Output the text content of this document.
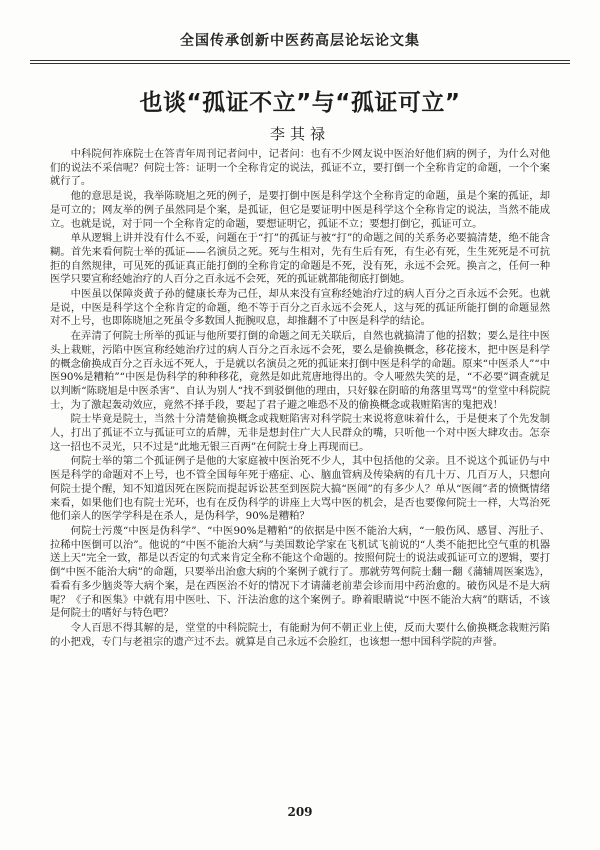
全国传承创新中医药高层论坛论文集
也谈“孤证不立”与“孤证可立”
李其禄

中科院何祚庥院士在答青年周刊记者问中，记者问：也有不少网友说中医治好他们病的例子，为什么对他们的说法不采信呢？何院士答：证明一个全称肯定的说法，孤证不立，要打倒一个全称肯定的命题，一个个案就行了。

他的意思是说，我举陈晓旭之死的例子，是要打倒中医是科学这个全称肯定的命题，虽是个案的孤证，却是可立的；网友举的例子虽然同是个案，是孤证，但它是要证明中医是科学这个全称肯定的说法，当然不能成立。也就是说，对于同一个全称肯定的命题，要想证明它，孤证不立；要想打倒它，孤证可立。

单从逻辑上讲并没有什么不妥，问题在于“打”的孤证与被“打”的命题之间的关系务必要搞清楚，绝不能含糊。首先来看何院士举的孤证——名演员之死。死与生相对，先有生后有死，有生必有死，生生死死是不可抗拒的自然规律，可见死的孤证真正能打倒的全称肯定的命题是不死，没有死，永远不会死。换言之，任何一种医学只要宣称经她治疗的人百分之百永远不会死，死的孤证就都能彻底打倒她。

中医虽以保障炎黄子孙的健康长寿为己任，却从来没有宣称经她治疗过的病人百分之百永远不会死。也就是说，中医是科学这个全称肯定的命题，绝不等于百分之百永远不会死人，这与死的孤证所能打倒的命题显然对不上号，也即陈晓旭之死虽令多数国人扼腕叹息，却推翻不了中医是科学的结论。

在弄清了何院士所举的孤证与他所要打倒的命题之间无关联后，自然也就搞清了他的招数；要么是往中医头上栽赃，污陷中医宣称经她治疗过的病人百分之百永远不会死，要么是偷换概念，移花接木，把中医是科学的概念偷换成百分之百永远不死人，于是就以名演员之死的孤证来打倒中医是科学的命题。原来“中医杀人”“中医90%是糟粕”“中医是伪科学的种种移花，竟然是如此荒唐地得出的。令人哑然失笑的是，“不必要”调查就足以判断“陈晓旭是中医杀害”、自认为别人“找不到驳倒他的理由，只好躲在阴暗的角落里骂骂”的堂堂中科院院士，为了激起轰动效应，竟然不择手段，要起了君子避之唯恐不及的偷换概念或栽赃陷害的鬼把戏！

院士毕竟是院士，当然十分清楚偷换概念或栽赃陷害对科学院士来说将意味着什么，于是便来了个先发制人，打出了孤证不立与孤证可立的盾牌，无非是想封住广大人民群众的嘴，只听他一个对中医大肆攻击。怎奈这一招也不灵光，只不过是“此地无银三百两”在何院士身上再现而已。

何院士举的第二个孤证例子是他的大家庭被中医治死不少人，其中包括他的父亲。且不说这个孤证仍与中医是科学的命题对不上号，也不管全国每年死于癌症、心、脑血管病及传染病的有几十万、几百万人，只想向何院士提个醒，知不知道因死在医院而提起诉讼甚至到医院大搞“医闹”的有多少人？单从“医闹”者的愤慨情绪来看，如果他们也有院士光环，也有在反伪科学的讲座上大骂中医的机会，是否也要像何院士一样，大骂治死他们亲人的医学学科是在杀人，是伪科学，90%是糟粕？

何院士污蔑“中医是伪科学”、“中医90%是糟粕”的依据是中医不能治大病，“一般伤风、感冒、泻肚子、拉稀中医倒可以治”。他说的“中医不能治大病”与美国数论学家在飞机试飞前说的“人类不能把比空气重的机器送上天”完全一致，都是以否定的句式来肯定全称不能这个命题的。按照何院士的说法或孤证可立的逻辑，要打倒“中医不能治大病”的命题，只要举出治愈大病的个案例子就行了。那就劳驾何院士翻一翻《蒲辅周医案选》，看看有多少脑炎等大病个案，是在西医治不好的情况下才请蒲老前辈会诊而用中药治愈的。破伤风是不是大病呢？《子和医集》中就有用中医吐、下、汗法治愈的这个案例子。睁着眼睛说“中医不能治大病”的瞎话，不该是何院士的嗜好与特色吧？

令人百思不得其解的是，堂堂的中科院院士，有能耐为何不朝正业上使，反而大要什么偷换概念栽赃污陷的小把戏，专门与老祖宗的遗产过不去。就算是自己永远不会脸红，也该想一想中国科学院的声誉。

209
